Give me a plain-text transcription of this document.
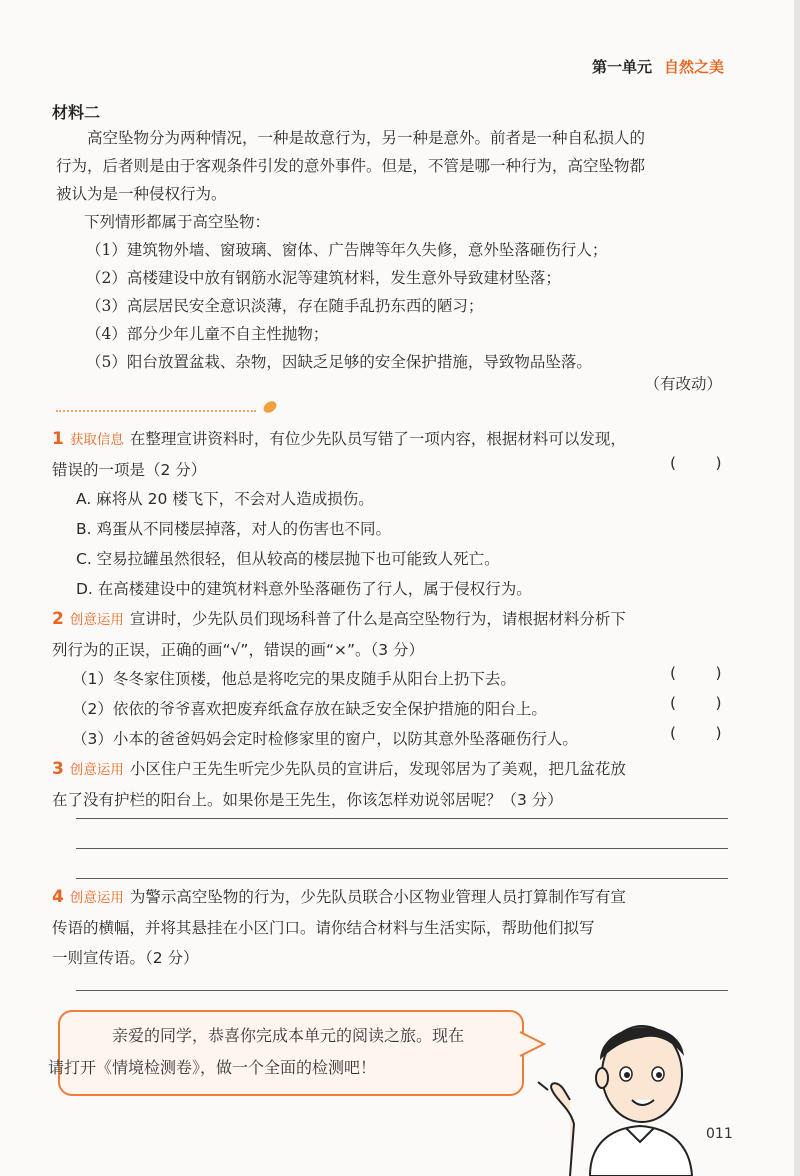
第一单元 自然之美
材料二
高空坠物分为两种情况，一种是故意行为，另一种是意外。前者是一种自私损人的
行为，后者则是由于客观条件引发的意外事件。但是，不管是哪一种行为，高空坠物都
被认为是一种侵权行为。
下列情形都属于高空坠物：
（1）建筑物外墙、窗玻璃、窗体、广告牌等年久失修，意外坠落砸伤行人；
（2）高楼建设中放有钢筋水泥等建筑材料，发生意外导致建材坠落；
（3）高层居民安全意识淡薄，存在随手乱扔东西的陋习；
（4）部分少年儿童不自主性抛物；
（5）阳台放置盆栽、杂物，因缺乏足够的安全保护措施，导致物品坠落。
（有改动）
1 获取信息 在整理宣讲资料时，有位少先队员写错了一项内容，根据材料可以发现，
错误的一项是（2 分）	(        )
A. 麻将从 20 楼飞下，不会对人造成损伤。
B. 鸡蛋从不同楼层掉落，对人的伤害也不同。
C. 空易拉罐虽然很轻，但从较高的楼层抛下也可能致人死亡。
D. 在高楼建设中的建筑材料意外坠落砸伤了行人，属于侵权行为。
2 创意运用 宣讲时，少先队员们现场科普了什么是高空坠物行为，请根据材料分析下
列行为的正误，正确的画“√”，错误的画“×”。（3 分）
（1）冬冬家住顶楼，他总是将吃完的果皮随手从阳台上扔下去。	(        )
（2）依依的爷爷喜欢把废弃纸盒存放在缺乏安全保护措施的阳台上。	(        )
（3）小本的爸爸妈妈会定时检修家里的窗户，以防其意外坠落砸伤行人。	(        )
3 创意运用 小区住户王先生听完少先队员的宣讲后，发现邻居为了美观，把几盆花放
在了没有护栏的阳台上。如果你是王先生，你该怎样劝说邻居呢？（3 分）
4 创意运用 为警示高空坠物的行为，少先队员联合小区物业管理人员打算制作写有宣
传语的横幅，并将其悬挂在小区门口。请你结合材料与生活实际，帮助他们拟写
一则宣传语。（2 分）
亲爱的同学，恭喜你完成本单元的阅读之旅。现在
请打开《情境检测卷》，做一个全面的检测吧！
011
